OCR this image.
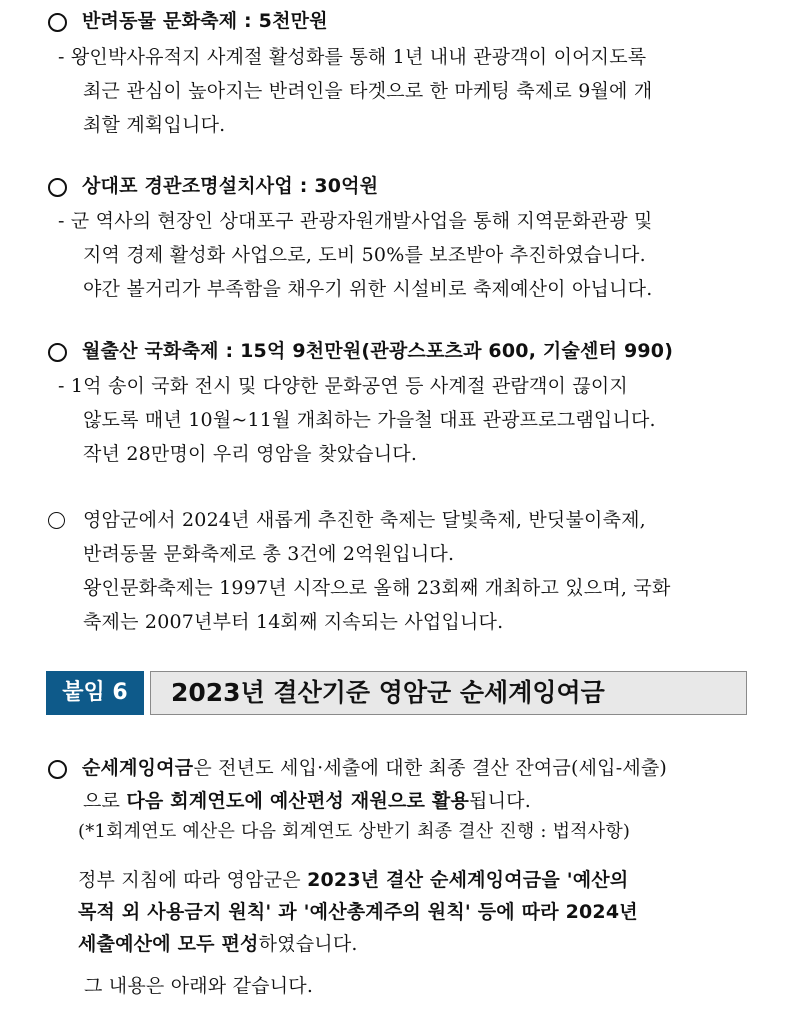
반려동물 문화축제 : 5천만원
- 왕인박사유적지 사계절 활성화를 통해 1년 내내 관광객이 이어지도록
최근 관심이 높아지는 반려인을 타겟으로 한 마케팅 축제로 9월에 개
최할 계획입니다.
상대포 경관조명설치사업 : 30억원
- 군 역사의 현장인 상대포구 관광자원개발사업을 통해 지역문화관광 및
지역 경제 활성화 사업으로, 도비 50%를 보조받아 추진하였습니다.
야간 볼거리가 부족함을 채우기 위한 시설비로 축제예산이 아닙니다.
월출산 국화축제 : 15억 9천만원(관광스포츠과 600, 기술센터 990)
- 1억 송이 국화 전시 및 다양한 문화공연 등 사계절 관람객이 끊이지
않도록 매년 10월~11월 개최하는 가을철 대표 관광프로그램입니다.
작년 28만명이 우리 영암을 찾았습니다.
영암군에서 2024년 새롭게 추진한 축제는 달빛축제, 반딧불이축제,
반려동물 문화축제로 총 3건에 2억원입니다.
왕인문화축제는 1997년 시작으로 올해 23회째 개최하고 있으며, 국화
축제는 2007년부터 14회째 지속되는 사업입니다.
붙임 6	2023년 결산기준 영암군 순세계잉여금
순세계잉여금은 전년도 세입·세출에 대한 최종 결산 잔여금(세입-세출)
으로 다음 회계연도에 예산편성 재원으로 활용됩니다.
(*1회계연도 예산은 다음 회계연도 상반기 최종 결산 진행 : 법적사항)
정부 지침에 따라 영암군은 2023년 결산 순세계잉여금을 '예산의
목적 외 사용금지 원칙' 과 '예산총계주의 원칙' 등에 따라 2024년
세출예산에 모두 편성하였습니다.
그 내용은 아래와 같습니다.
